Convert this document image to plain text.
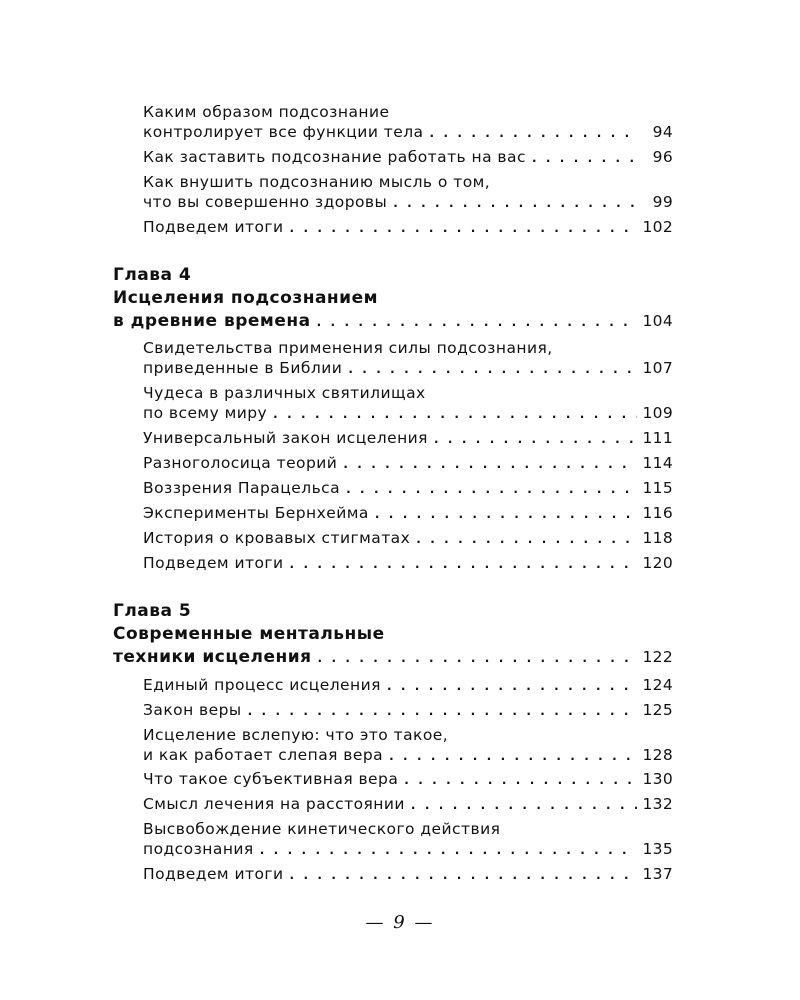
Каким образом подсознание
контролирует все функции тела . . .	94
Как заставить подсознание работать на вас . . .	96
Как внушить подсознанию мысль о том,
что вы совершенно здоровы . . .	99
Подведем итоги . . .	102
Глава 4
Исцеления подсознанием
в древние времена . . .	104
Свидетельства применения силы подсознания,
приведенные в Библии . . .	107
Чудеса в различных святилищах
по всему миру . . .	109
Универсальный закон исцеления . . .	111
Разноголосица теорий . . .	114
Воззрения Парацельса . . .	115
Эксперименты Бернхейма . . .	116
История о кровавых стигматах . . .	118
Подведем итоги . . .	120
Глава 5
Современные ментальные
техники исцеления . . .	122
Единый процесс исцеления . . .	124
Закон веры . . .	125
Исцеление вслепую: что это такое,
и как работает слепая вера . . .	128
Что такое субъективная вера . . .	130
Смысл лечения на расстоянии . . .	132
Высвобождение кинетического действия
подсознания . . .	135
Подведем итоги . . .	137
— 9 —
